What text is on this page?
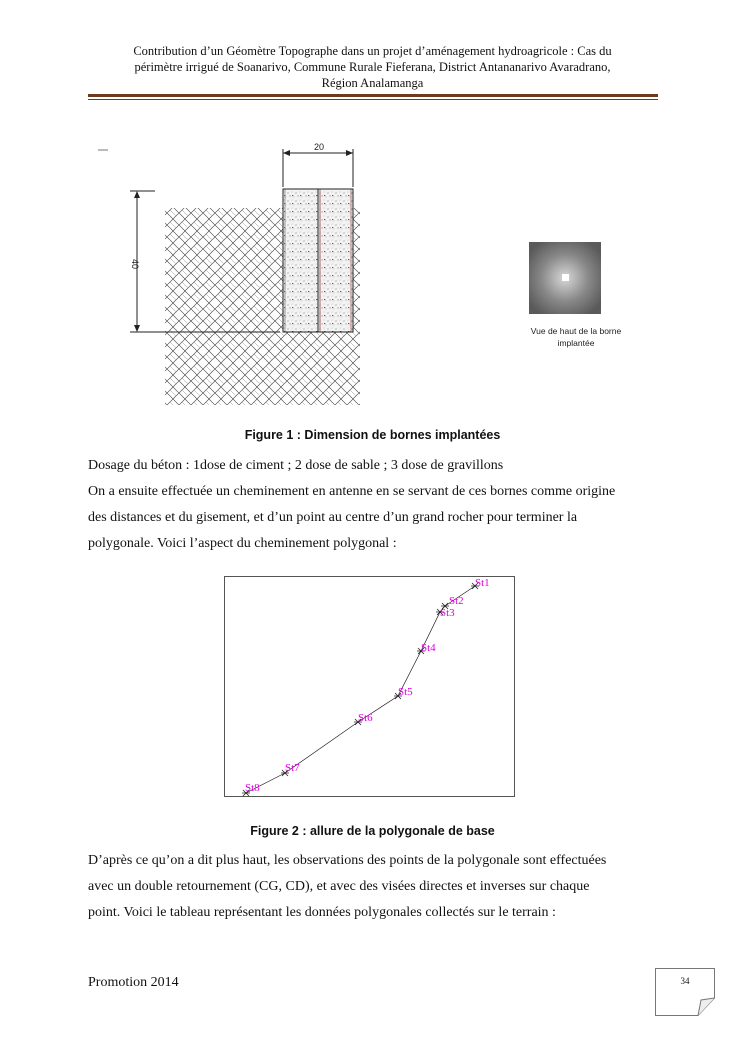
Contribution d’un Géomètre Topographe dans un projet d’aménagement hydroagricole : Cas du
périmètre irrigué de Soanarivo, Commune Rurale Fieferana, District Antananarivo Avaradrano,
Région Analamanga
20
40
Vue de haut de la borne
implantée
Figure 1 : Dimension de bornes implantées

Dosage du béton : 1dose de ciment ; 2 dose de sable ; 3 dose de gravillons
On a ensuite effectuée un cheminement en antenne en se servant de ces bornes comme origine
des distances et du gisement, et d’un point au centre d’un grand rocher pour terminer la
polygonale. Voici l’aspect du cheminement polygonal :

St1
St2
St3
St4
St5
St6
St7
St8
Figure 2 : allure de la polygonale de base

D’après ce qu’on a dit plus haut, les observations des points de la polygonale sont effectuées
avec un double retournement (CG, CD), et avec des visées directes et inverses sur chaque
point. Voici le tableau représentant les données polygonales collectés sur le terrain :

Promotion 2014	34
